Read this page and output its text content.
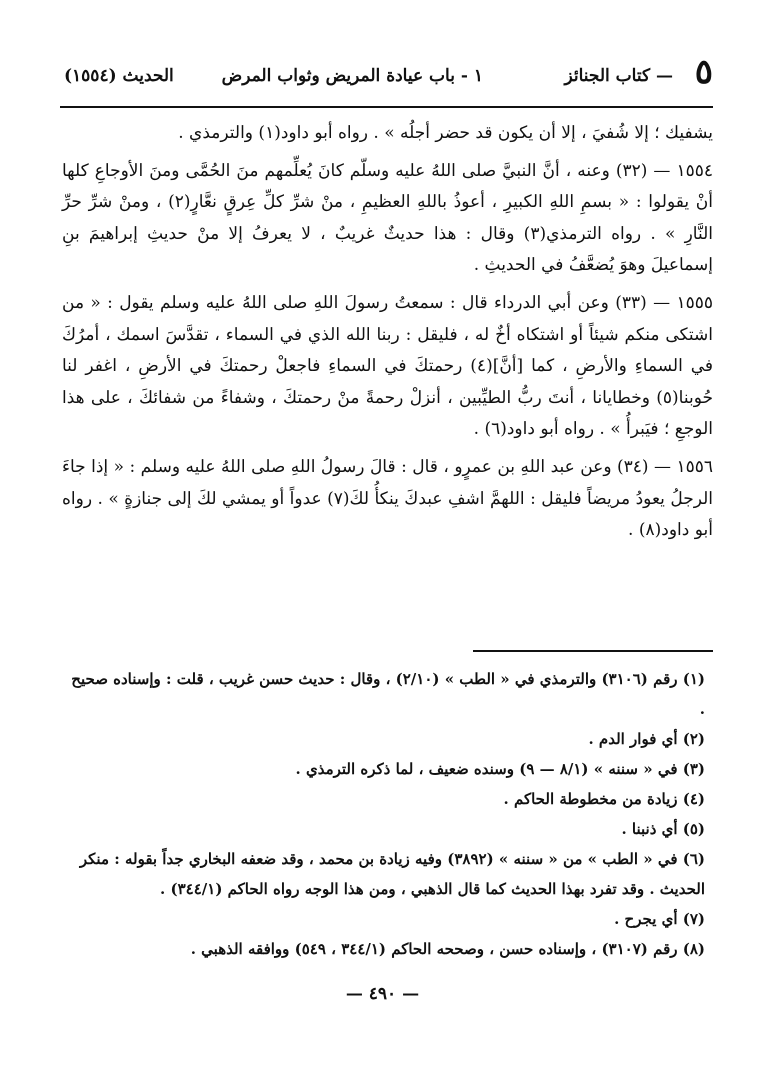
٥
— كتاب الجنائز
١ - باب عيادة المريض وثواب المرض
الحديث (١٥٥٤)

يشفيك ؛ إلا شُفيَ ، إلا أن يكون قد حضر أجلُه » . رواه أبو داود(١) والترمذي .

١٥٥٤ — (٣٢) وعنه ، أنَّ النبيَّ صلى اللهُ عليه وسلّم كانَ يُعلِّمهم منَ الحُمَّى ومنَ الأوجاعِ كلها أنْ يقولوا : « بسمِ اللهِ الكبيرِ ، أعوذُ باللهِ العظيمِ ، منْ شرِّ كلِّ عِرقٍ نعَّارٍ(٢) ، ومنْ شرِّ حرِّ النَّارِ » . رواه الترمذي(٣) وقال : هذا حديثٌ غريبٌ ، لا يعرفُ إلا منْ حديثِ إبراهيمَ بنِ إسماعيلَ وهوَ يُضعَّفُ في الحديثِ .

١٥٥٥ — (٣٣) وعن أبي الدرداء قال : سمعتُ رسولَ اللهِ صلى اللهُ عليه وسلم يقول : « من اشتكى منكم شيئاً أو اشتكاه أخٌ له ، فليقل : ربنا الله الذي في السماء ، تقدَّسَ اسمك ، أمرُكَ في السماءِ والأرضِ ، كما [أنَّ](٤) رحمتكَ في السماءِ فاجعلْ رحمتكَ في الأرضِ ، اغفر لنا حُوبنا(٥) وخطايانا ، أنتَ ربُّ الطيِّبين ، أنزلْ رحمةً منْ رحمتكَ ، وشفاءً من شفائكَ ، على هذا الوجعِ ؛ فيَبرأُ » . رواه أبو داود(٦) .

١٥٥٦ — (٣٤) وعن عبد اللهِ بن عمرٍو ، قال : قالَ رسولُ اللهِ صلى اللهُ عليه وسلم : « إذا جاءَ الرجلُ يعودُ مريضاً فليقل : اللهمَّ اشفِ عبدكَ ينكأُ لكَ(٧) عدواً أو يمشي لكَ إلى جنازةٍ » . رواه أبو داود(٨) .

(١) رقم (٣١٠٦) والترمذي في « الطب » (٢/١٠) ، وقال : حديث حسن غريب ، قلت : وإسناده صحيح .

(٢) أي فوار الدم .

(٣) في « سننه » (٨/١ — ٩) وسنده ضعيف ، لما ذكره الترمذي .

(٤) زيادة من مخطوطة الحاكم .

(٥) أي ذنبنا .

(٦) في « الطب » من « سننه » (٣٨٩٢) وفيه زيادة بن محمد ، وقد ضعفه البخاري جداً بقوله : منكر الحديث . وقد تفرد بهذا الحديث كما قال الذهبي ، ومن هذا الوجه رواه الحاكم (٣٤٤/١) .

(٧) أي يجرح .

(٨) رقم (٣١٠٧) ، وإسناده حسن ، وصححه الحاكم (٣٤٤/١ ، ٥٤٩) ووافقه الذهبي .

— ٤٩٠ —
